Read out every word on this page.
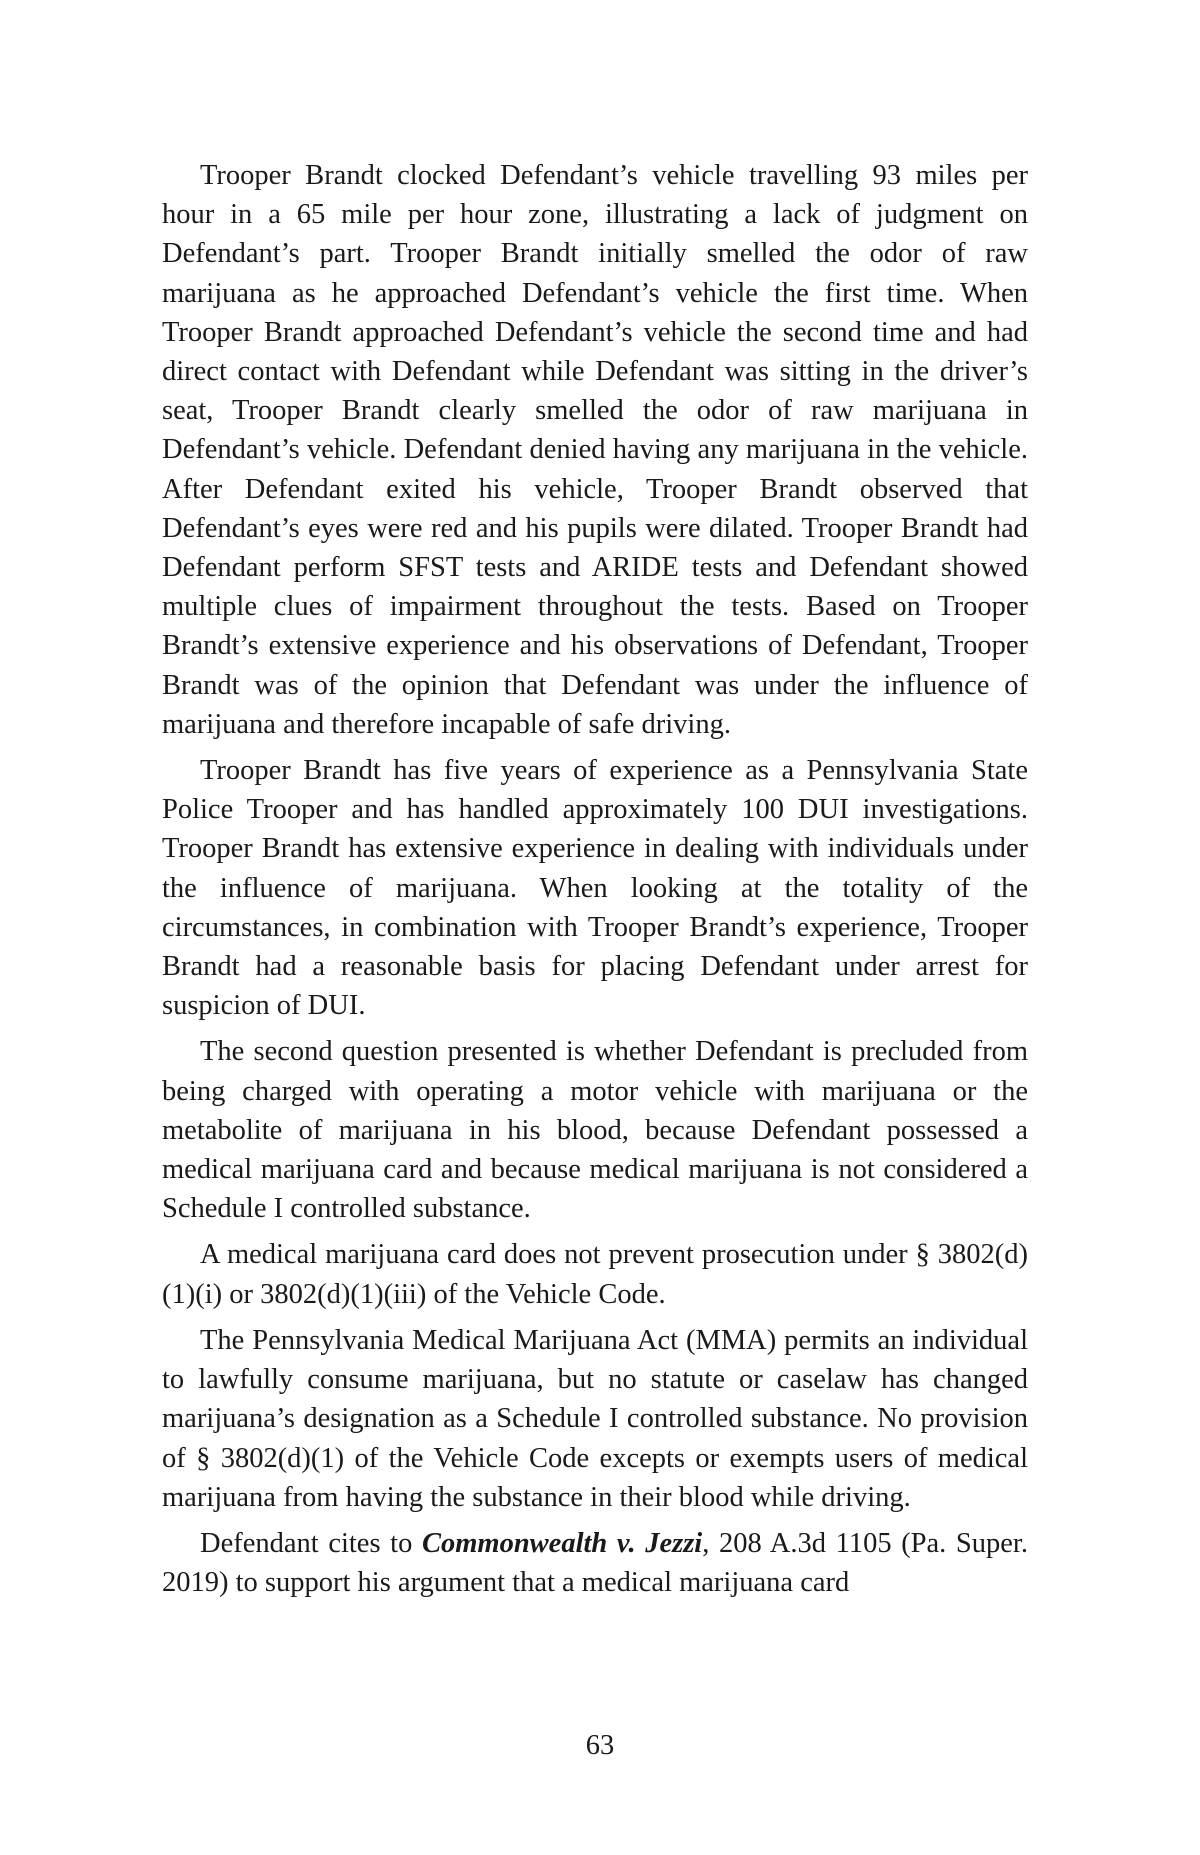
Trooper Brandt clocked Defendant’s vehicle travelling 93 miles per hour in a 65 mile per hour zone, illustrating a lack of judgment on Defendant’s part. Trooper Brandt initially smelled the odor of raw marijuana as he approached Defendant’s vehicle the first time. When Trooper Brandt approached Defendant’s vehicle the second time and had direct contact with Defendant while Defendant was sitting in the driver’s seat, Trooper Brandt clearly smelled the odor of raw marijuana in Defendant’s vehicle. Defendant denied having any marijuana in the vehicle. After Defendant exited his vehicle, Trooper Brandt observed that Defendant’s eyes were red and his pupils were dilated. Trooper Brandt had Defendant perform SFST tests and ARIDE tests and Defendant showed multiple clues of impairment throughout the tests. Based on Trooper Brandt’s extensive experience and his observations of Defendant, Trooper Brandt was of the opinion that Defendant was under the influence of marijuana and therefore incapable of safe driving.

Trooper Brandt has five years of experience as a Pennsylvania State Police Trooper and has handled approximately 100 DUI investigations. Trooper Brandt has extensive experience in dealing with individuals under the influence of marijuana. When looking at the totality of the circumstances, in combination with Trooper Brandt’s experience, Trooper Brandt had a reasonable basis for placing Defendant under arrest for suspicion of DUI.

The second question presented is whether Defendant is precluded from being charged with operating a motor vehicle with marijuana or the metabolite of marijuana in his blood, because Defendant possessed a medical marijuana card and because medical marijuana is not considered a Schedule I controlled substance.

A medical marijuana card does not prevent prosecution under § 3802(d)(1)(i) or 3802(d)(1)(iii) of the Vehicle Code.

The Pennsylvania Medical Marijuana Act (MMA) permits an individual to lawfully consume marijuana, but no statute or caselaw has changed marijuana’s designation as a Schedule I controlled substance. No provision of § 3802(d)(1) of the Vehicle Code excepts or exempts users of medical marijuana from having the substance in their blood while driving.

Defendant cites to Commonwealth v. Jezzi, 208 A.3d 1105 (Pa. Super. 2019) to support his argument that a medical marijuana card

63
